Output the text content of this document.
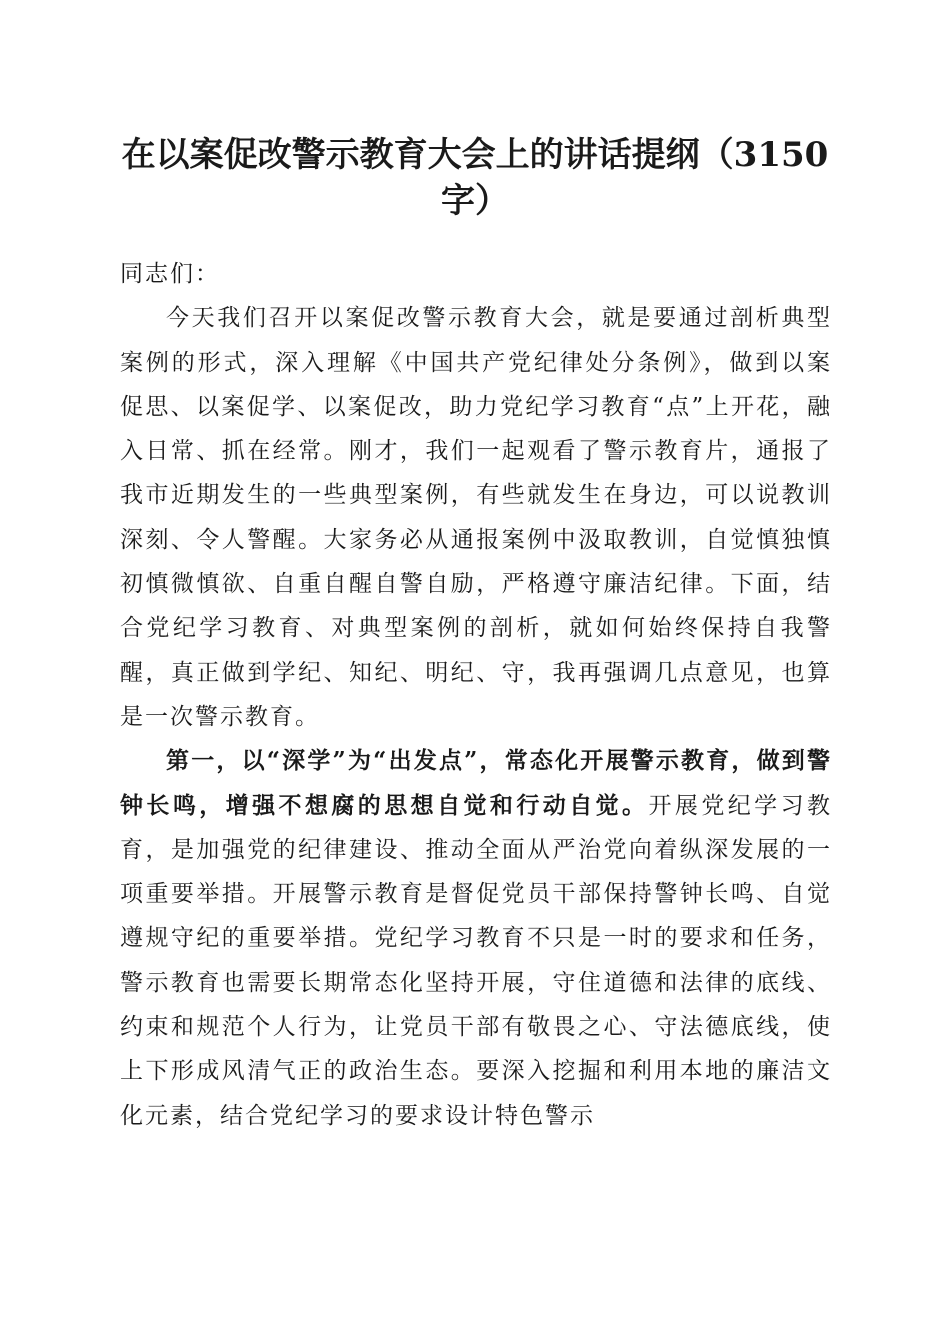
在以案促改警示教育大会上的讲话提纲（3150字）

同志们：

今天我们召开以案促改警示教育大会，就是要通过剖析典型案例的形式，深入理解《中国共产党纪律处分条例》，做到以案促思、以案促学、以案促改，助力党纪学习教育“点”上开花，融入日常、抓在经常。刚才，我们一起观看了警示教育片，通报了我市近期发生的一些典型案例，有些就发生在身边，可以说教训深刻、令人警醒。大家务必从通报案例中汲取教训，自觉慎独慎初慎微慎欲、自重自醒自警自励，严格遵守廉洁纪律。下面，结合党纪学习教育、对典型案例的剖析，就如何始终保持自我警醒，真正做到学纪、知纪、明纪、守，我再强调几点意见，也算是一次警示教育。

第一，以“深学”为“出发点”，常态化开展警示教育，做到警钟长鸣，增强不想腐的思想自觉和行动自觉。开展党纪学习教育，是加强党的纪律建设、推动全面从严治党向着纵深发展的一项重要举措。开展警示教育是督促党员干部保持警钟长鸣、自觉遵规守纪的重要举措。党纪学习教育不只是一时的要求和任务，警示教育也需要长期常态化坚持开展，守住道德和法律的底线、约束和规范个人行为，让党员干部有敬畏之心、守法德底线，使上下形成风清气正的政治生态。要深入挖掘和利用本地的廉洁文化元素，结合党纪学习的要求设计特色警示
